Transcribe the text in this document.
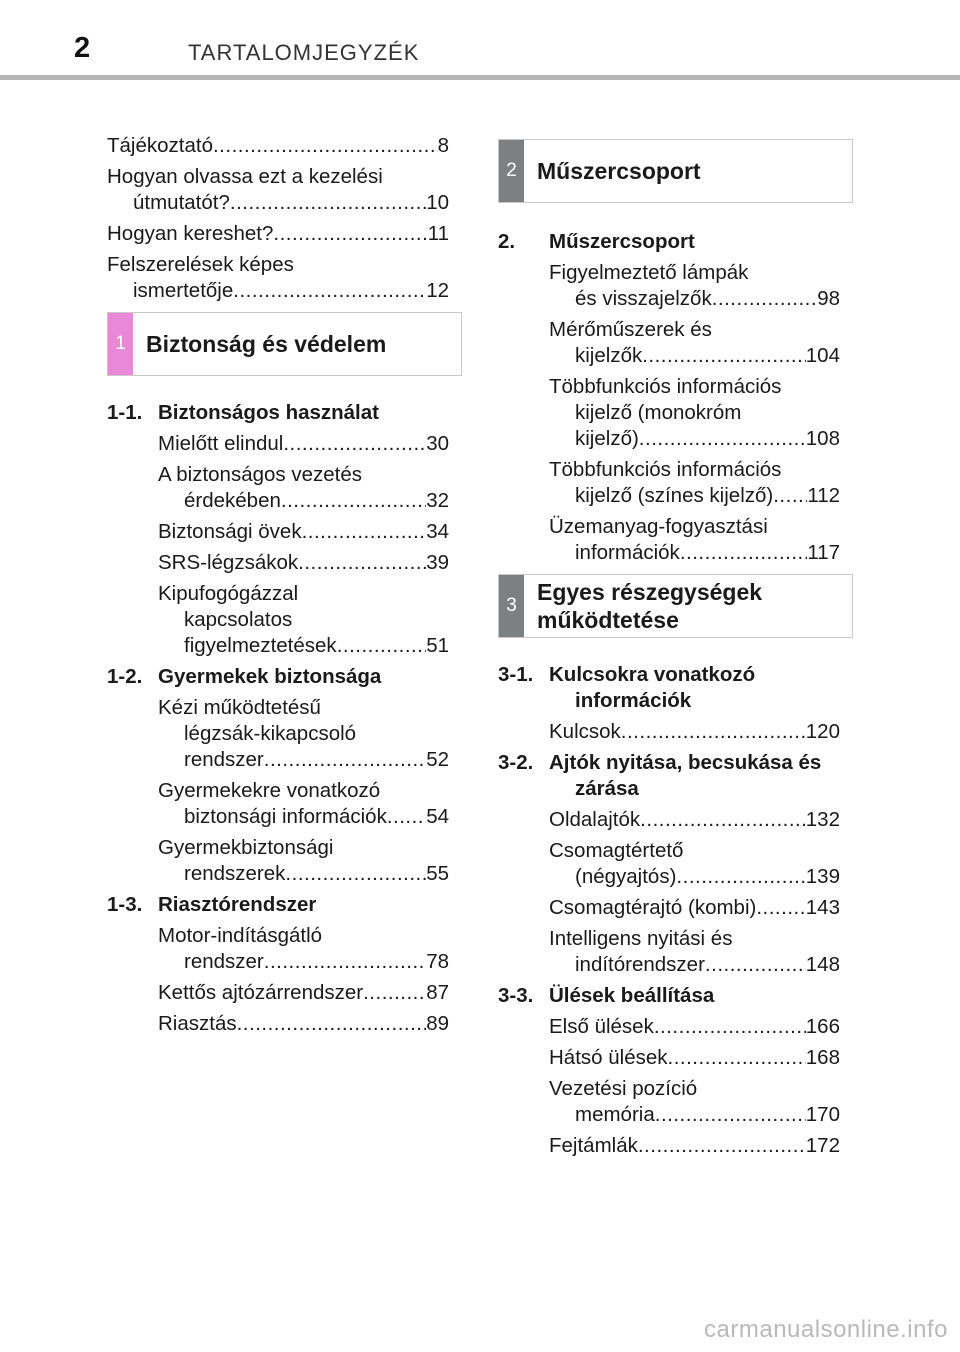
2	TARTALOMJEGYZÉK
Tájékoztató .....	8
Hogyan olvassa ezt a kezelési
útmutatót? .....	10
Hogyan kereshet? .....	11
Felszerelések képes
ismertetője .....	12
1 Biztonság és védelem
1-1. Biztonságos használat
Mielőtt elindul .....	30
A biztonságos vezetés
érdekében .....	32
Biztonsági övek .....	34
SRS-légzsákok .....	39
Kipufogógázzal
kapcsolatos
figyelmeztetések .....	51
1-2. Gyermekek biztonsága
Kézi működtetésű
légzsák-kikapcsoló
rendszer .....	52
Gyermekekre vonatkozó
biztonsági információk ..... 54
Gyermekbiztonsági
rendszerek .....	55
1-3. Riasztórendszer
Motor-indításgátló
rendszer .....	78
Kettős ajtózárrendszer .....	87
Riasztás .....	89
2 Műszercsoport
2.	Műszercsoport
Figyelmeztető lámpák
és visszajelzők .....	98
Mérőműszerek és
kijelzők .....	104
Többfunkciós információs
kijelző (monokróm
kijelző) .....	108
Többfunkciós információs
kijelző (színes kijelző) ..... 112
Üzemanyag-fogyasztási
információk .....	117
3
Egyes részegységek
működtetése
3-1. Kulcsokra vonatkozó
információk
Kulcsok .....	120
3-2. Ajtók nyitása, becsukása és
zárása
Oldalajtók .....	132
Csomagtértető
(négyajtós) .....	139
Csomagtérajtó (kombi) ..... 143
Intelligens nyitási és
indítórendszer .....	148
3-3. Ülések beállítása
Első ülések .....	166
Hátsó ülések .....	168
Vezetési pozíció
memória .....	170
Fejtámlák .....	172
carmanualsonline.info
